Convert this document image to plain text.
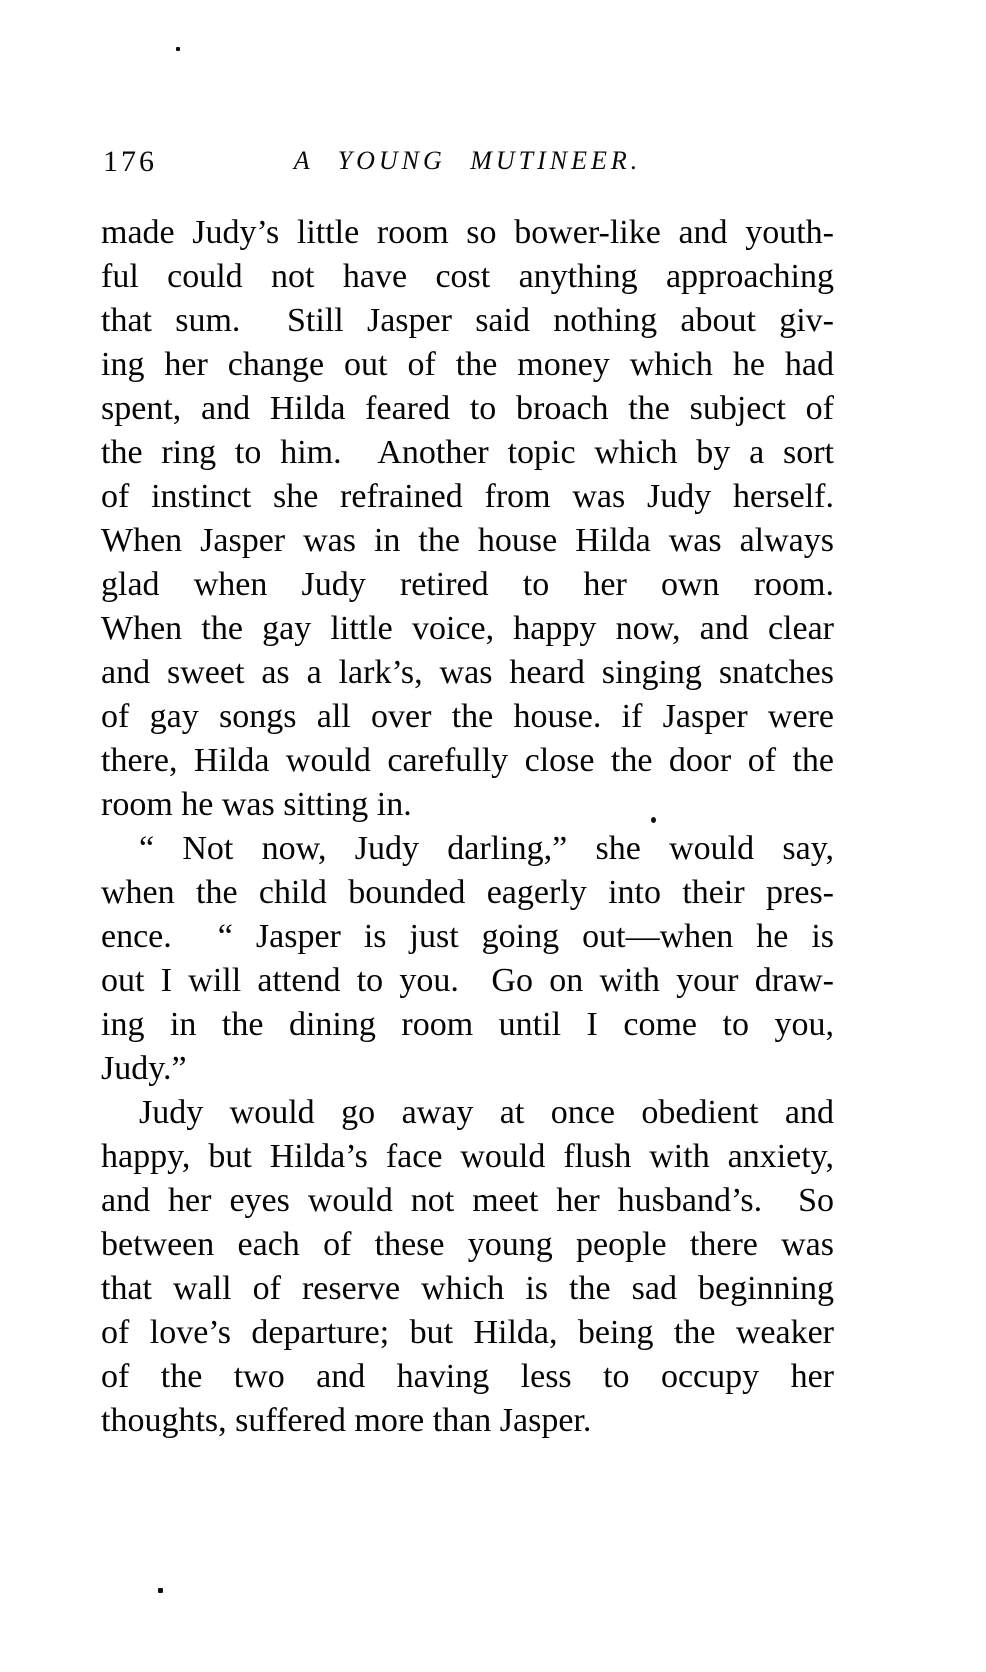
176	A YOUNG MUTINEER.
made Judy’s little room so bower-like and youth-
ful could not have cost anything approaching
that sum.  Still Jasper said nothing about giv-
ing her change out of the money which he had
spent, and Hilda feared to broach the subject of
the ring to him.  Another topic which by a sort
of instinct she refrained from was Judy herself.
When Jasper was in the house Hilda was always
glad when Judy retired to her own room.
When the gay little voice, happy now, and clear
and sweet as a lark’s, was heard singing snatches
of gay songs all over the house. if Jasper were
there, Hilda would carefully close the door of the
room he was sitting in.
“ Not now, Judy darling,” she would say,
when the child bounded eagerly into their pres-
ence.  “ Jasper is just going out—when he is
out I will attend to you.  Go on with your draw-
ing in the dining room until I come to you,
Judy.”
Judy would go away at once obedient and
happy, but Hilda’s face would flush with anxiety,
and her eyes would not meet her husband’s.  So
between each of these young people there was
that wall of reserve which is the sad beginning
of love’s departure; but Hilda, being the weaker
of the two and having less to occupy her
thoughts, suffered more than Jasper.
